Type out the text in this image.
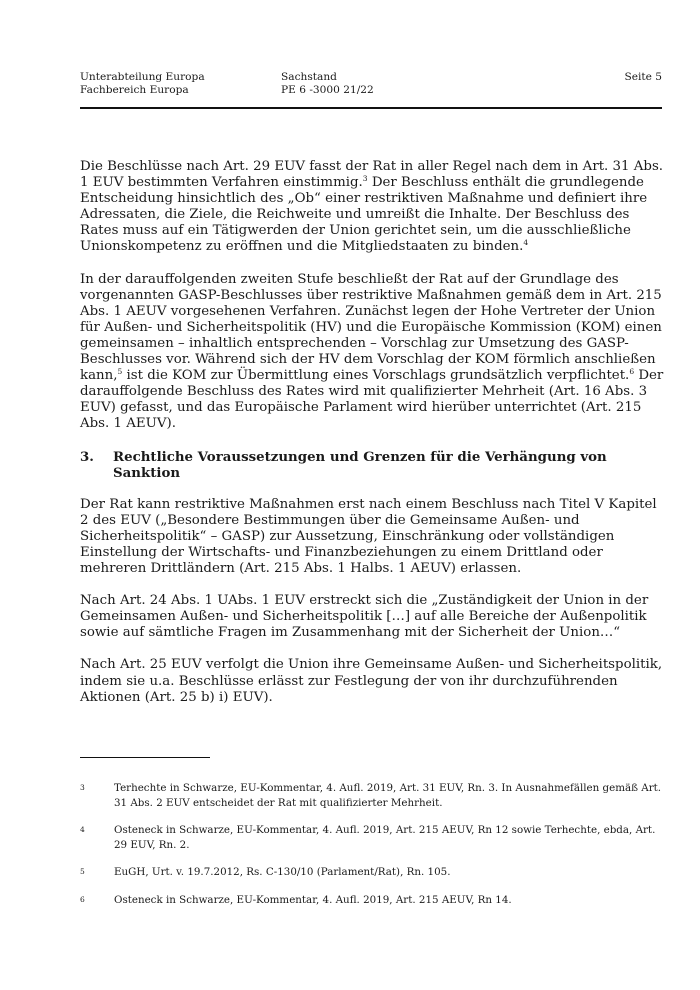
Unterabteilung Europa
Fachbereich Europa
Sachstand
PE 6 -3000 21/22
Seite 5

Die Beschlüsse nach Art. 29 EUV fasst der Rat in aller Regel nach dem in Art. 31 Abs. 1 EUV bestimmten Verfahren einstimmig.$^3$ Der Beschluss enthält die grundlegende Entscheidung hinsichtlich des „Ob“ einer restriktiven Maßnahme und definiert ihre Adressaten, die Ziele, die Reichweite und umreißt die Inhalte. Der Beschluss des Rates muss auf ein Tätigwerden der Union gerichtet sein, um die ausschließliche Unionskompetenz zu eröffnen und die Mitgliedstaaten zu binden.$^4$

In der darauffolgenden zweiten Stufe beschließt der Rat auf der Grundlage des vorgenannten GASP-Beschlusses über restriktive Maßnahmen gemäß dem in Art. 215 Abs. 1 AEUV vorgesehenen Verfahren. Zunächst legen der Hohe Vertreter der Union für Außen- und Sicherheitspolitik (HV) und die Europäische Kommission (KOM) einen gemeinsamen – inhaltlich entsprechenden – Vorschlag zur Umsetzung des GASP-Beschlusses vor. Während sich der HV dem Vorschlag der KOM förmlich anschließen kann,$^5$ ist die KOM zur Übermittlung eines Vorschlags grundsätzlich verpflichtet.$^6$ Der darauffolgende Beschluss des Rates wird mit qualifizierter Mehrheit (Art. 16 Abs. 3 EUV) gefasst, und das Europäische Parlament wird hierüber unterrichtet (Art. 215 Abs. 1 AEUV).

3.	Rechtliche Voraussetzungen und Grenzen für die Verhängung von Sanktion

Der Rat kann restriktive Maßnahmen erst nach einem Beschluss nach Titel V Kapitel 2 des EUV („Besondere Bestimmungen über die Gemeinsame Außen- und Sicherheitspolitik“ – GASP) zur Aussetzung, Einschränkung oder vollständigen Einstellung der Wirtschafts- und Finanzbeziehungen zu einem Drittland oder mehreren Drittländern (Art. 215 Abs. 1 Halbs. 1 AEUV) erlassen.

Nach Art. 24 Abs. 1 UAbs. 1 EUV erstreckt sich die „Zuständigkeit der Union in der Gemeinsamen Außen- und Sicherheitspolitik […] auf alle Bereiche der Außenpolitik sowie auf sämtliche Fragen im Zusammenhang mit der Sicherheit der Union…“

Nach Art. 25 EUV verfolgt die Union ihre Gemeinsame Außen- und Sicherheitspolitik, indem sie u.a. Beschlüsse erlässt zur Festlegung der von ihr durchzuführenden Aktionen (Art. 25 b) i) EUV).

3	Terhechte in Schwarze, EU-Kommentar, 4. Aufl. 2019, Art. 31 EUV, Rn. 3. In Ausnahmefällen gemäß Art. 31 Abs. 2 EUV entscheidet der Rat mit qualifizierter Mehrheit.
4	Osteneck in Schwarze, EU-Kommentar, 4. Aufl. 2019, Art. 215 AEUV, Rn 12 sowie Terhechte, ebda, Art. 29 EUV, Rn. 2.
5	EuGH, Urt. v. 19.7.2012, Rs. C-130/10 (Parlament/Rat), Rn. 105.
6	Osteneck in Schwarze, EU-Kommentar, 4. Aufl. 2019, Art. 215 AEUV, Rn 14.
